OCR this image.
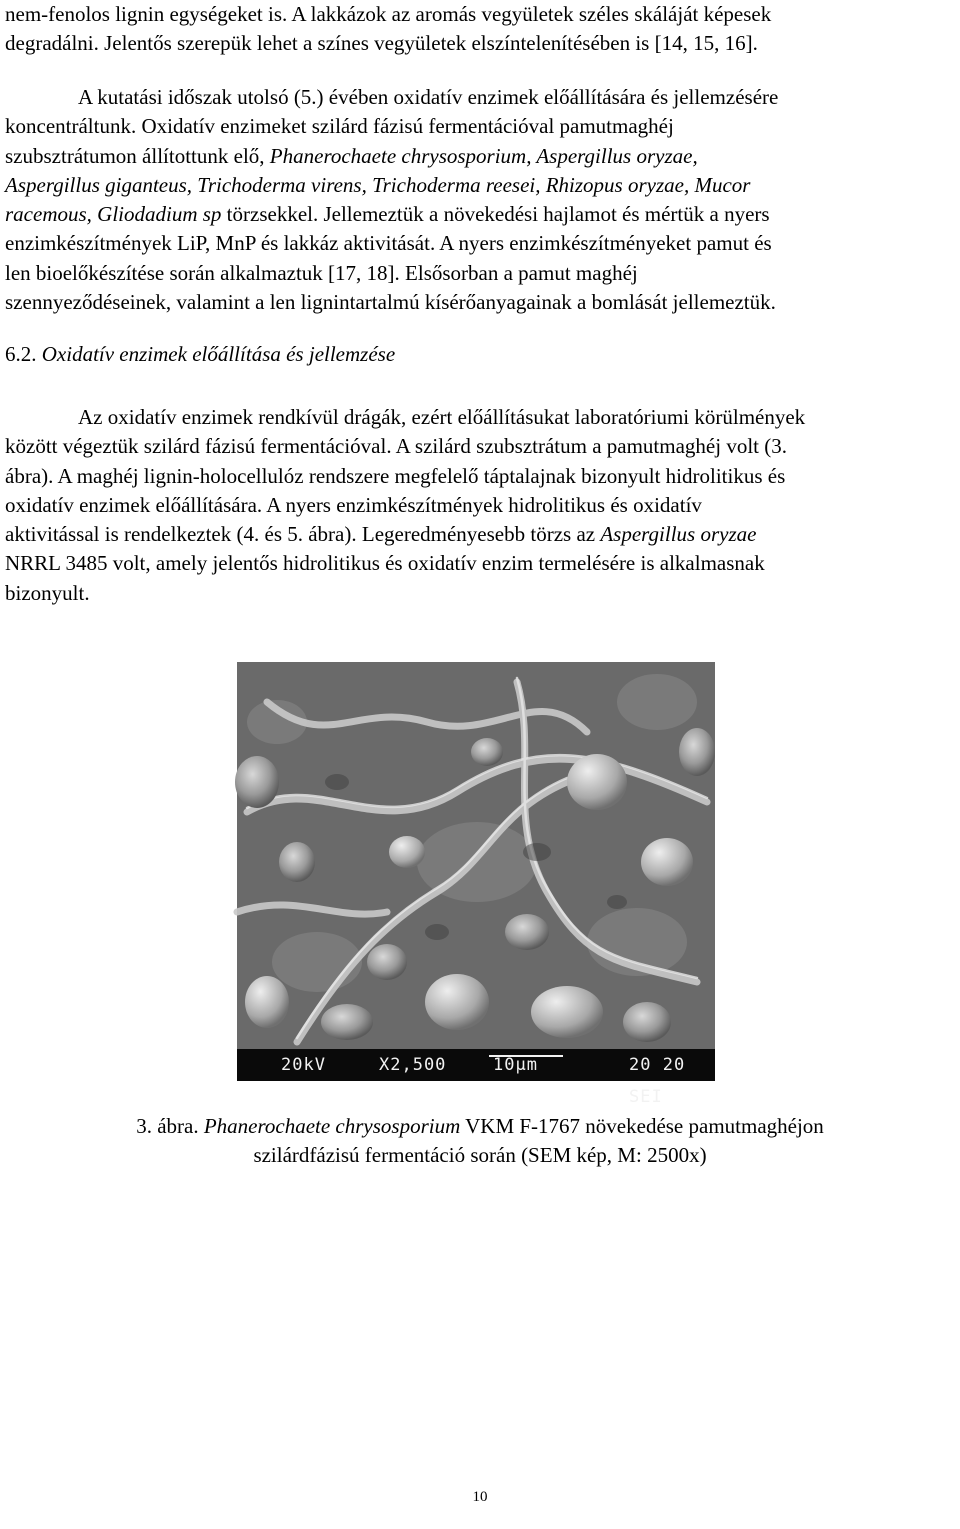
nem-fenolos lignin egységeket is. A lakkázok az aromás vegyületek széles skáláját képesek
degradálni. Jelentős szerepük lehet a színes vegyületek elszíntelenítésében is [14, 15, 16].
A kutatási időszak utolsó (5.) évében oxidatív enzimek előállítására és jellemzésére
koncentráltunk. Oxidatív enzimeket szilárd fázisú fermentációval pamutmaghéj
szubsztrátumon állítottunk elő, Phanerochaete chrysosporium, Aspergillus oryzae,
Aspergillus giganteus, Trichoderma virens, Trichoderma reesei, Rhizopus oryzae, Mucor
racemous, Gliodadium sp törzsekkel. Jellemeztük a növekedési hajlamot és mértük a nyers
enzimkészítmények LiP, MnP és lakkáz aktivitását. A nyers enzimkészítményeket pamut és
len bioelőkészítése során alkalmaztuk [17, 18]. Elsősorban a pamut maghéj
szennyeződéseinek, valamint a len lignintartalmú kísérőanyagainak a bomlását jellemeztük.
6.2. Oxidatív enzimek előállítása és jellemzése
Az oxidatív enzimek rendkívül drágák, ezért előállításukat laboratóriumi körülmények
között végeztük szilárd fázisú fermentációval. A szilárd szubsztrátum a pamutmaghéj volt (3.
ábra). A maghéj lignin-holocellulóz rendszere megfelelő táptalajnak bizonyult hidrolitikus és
oxidatív enzimek előállítására. A nyers enzimkészítmények hidrolitikus és oxidatív
aktivitással is rendelkeztek (4. és 5. ábra). Legeredményesebb törzs az Aspergillus oryzae
NRRL 3485 volt, amely jelentős hidrolitikus és oxidatív enzim termelésére is alkalmasnak
bizonyult.
20kV	X2,500	10µm	20 20 SEI
3. ábra. Phanerochaete chrysosporium VKM F-1767 növekedése pamutmaghéjon
szilárdfázisú fermentáció során (SEM kép, M: 2500x)
10
